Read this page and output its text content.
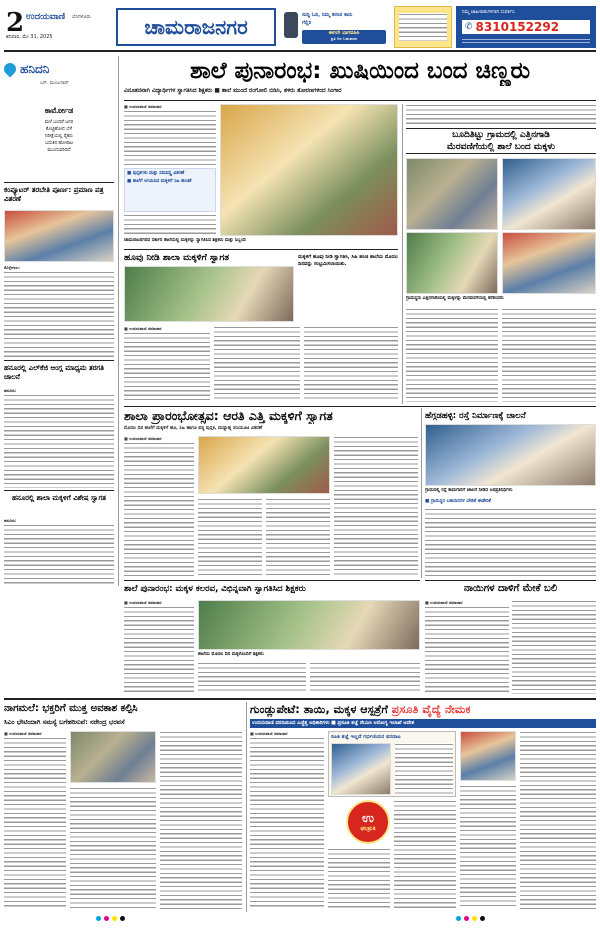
2 ಉದಯವಾಣಿ ಬೆಂಗಳೂರು
ಶನಿವಾರ, ಮೇ 31, 2025	ಚಾಮರಾಜನಗರ	ಸುದ್ದಿ ಓದಿ, ನಿಮ್ಮ ಕನಸಿನ ಕಾರು
ಗೆಲ್ಲಿರಿ
ಈಗಲೇ ಭಾಗವಹಿಸಿ
ಪ್ರತಿ ದಿನ ಬಹುಮಾನ
ನಿಮ್ಮ ಜಾಹೀರಾತುಗಳಿಗಾಗಿ ಸಂಪರ್ಕಿಸಿ
✆ 8310152292
ಹನಿದನಿ
ಎನ್. ಮಂಜುನಾಥ್
ಕಾರ್ಮೋಡ
ಮಳೆ ಬಂದರೆ ಜನರ
ಕೊಚ್ಚಿಹೋದ ಬೆಳೆ
ನಿರೀಕ್ಷೆಯಲ್ಲಿ ರೈತರು
ಬದುಕಿನ ಹೋರಾಟ
ಮುಂದುವರಿದಿದೆ
ಕಂಪ್ಯೂಟರ್ ತರಬೇತಿ ಪೂರ್ಣ: ಪ್ರಮಾಣ ಪತ್ರ ವಿತರಣೆ
ಕೊಳ್ಳೇಗಾಲ:
ಹನೂರಲ್ಲಿ ಎಲ್‌ಕೆಜಿ ಆಂಗ್ಲ ಮಾಧ್ಯಮ ತರಗತಿ ಚಾಲನೆ
ಹನೂರು:
ಹನೂರಲ್ಲಿ ಶಾಲಾ ಮಕ್ಕಳಿಗೆ ವಿಶೇಷ ಸ್ವಾಗತ
ಹನೂರು:
ಶಾಲೆ ಪುನಾರಂಭ: ಖುಷಿಯಿಂದ ಬಂದ ಚಿಣ್ಣರು
ವಿನೂತನವಾಗಿ ವಿದ್ಯಾರ್ಥಿಗಳ ಸ್ವಾಗತಿಸಿದ ಶಿಕ್ಷಕರು ■ ಶಾಲೆ ಮುಂದೆ ರಂಗೋಲಿ ಬಿಡಿಸಿ, ತಳಿರು ತೋರಣಗಳಿಂದ ಸಿಂಗಾರ
■ ಉದಯವಾಣಿ ಸಮಾಚಾರ
■ ಪುಸ್ತಕಗಳು ಮತ್ತು ಸಮವಸ್ತ್ರ ವಿತರಣೆ
■ ಶಾಲೆಗೆ ಆಗಮಿಸಿದ ಮಕ್ಕಳಿಗೆ ಸಿಹಿ ಹಂಚಿಕೆ
ಚಾಮರಾಜನಗರದ ಸರ್ಕಾರಿ ಶಾಲೆಯಲ್ಲಿ ಮಕ್ಕಳನ್ನು ಸ್ವಾಗತಿಸಿದ ಶಿಕ್ಷಕರು ಮತ್ತು ಸಿಬ್ಬಂದಿ
ಹೂವು ನೀಡಿ ಶಾಲಾ ಮಕ್ಕಳಿಗೆ ಸ್ವಾಗತ	ಮಕ್ಕಳಿಗೆ ಹೂವು ನೀಡಿ ಸ್ವಾಗತಿಸಿ, ಸಿಹಿ ಹಂಚಿ ಶಾಲೆಯ ಮೊದಲ ದಿನವನ್ನು ಸಂಭ್ರಮಿಸಲಾಯಿತು.
■ ಉದಯವಾಣಿ ಸಮಾಚಾರ
ಬೂದಿತಿಟ್ಟು ಗ್ರಾಮದಲ್ಲಿ ಎತ್ತಿನಗಾಡಿ
ಮೆರವಣಿಗೆಯಲ್ಲಿ ಶಾಲೆ ಬಂದ ಮಕ್ಕಳು
ಗ್ರಾಮಸ್ಥರು ಎತ್ತಿನಗಾಡಿಯಲ್ಲಿ ಮಕ್ಕಳನ್ನು ಮೆರವಣಿಗೆಯಲ್ಲಿ ಕರೆತಂದರು
ಶಾಲಾ ಪ್ರಾರಂಭೋತ್ಸವ: ಆರತಿ ಎತ್ತಿ ಮಕ್ಕಳಿಗೆ ಸ್ವಾಗತ
ಮೊದಲ ದಿನ ಶಾಲೆಗೆ ಮಕ್ಕಳಿಗೆ ಹೂ, ಸಿಹಿ ಹಾಗೂ ಪಠ್ಯ ಪುಸ್ತಕ, ಮಧ್ಯಾಹ್ನ ಬಿಸಿಯೂಟ ವಿತರಣೆ
■ ಉದಯವಾಣಿ ಸಮಾಚಾರ
ಹೆಗ್ಗಡಹಳ್ಳಿ: ರಸ್ತೆ ನಿರ್ಮಾಣಕ್ಕೆ ಚಾಲನೆ
ಗ್ರಾಮದಲ್ಲಿ ರಸ್ತೆ ಕಾಮಗಾರಿಗೆ ಚಾಲನೆ ನೀಡಿದ ಜನಪ್ರತಿನಿಧಿಗಳು
■ ಗ್ರಾಮಸ್ಥರ ಬಹುದಿನಗಳ ಬೇಡಿಕೆ ಈಡೇರಿಕೆ
ಶಾಲೆ ಪುನಾರಂಭ: ಮಕ್ಕಳ ಕಲರವ, ವಿಭಿನ್ನವಾಗಿ ಸ್ವಾಗತಿಸಿದ ಶಿಕ್ಷಕರು
■ ಉದಯವಾಣಿ ಸಮಾಚಾರ
ಶಾಲೆಯ ಮೊದಲ ದಿನ ಮಕ್ಕಳೊಂದಿಗೆ ಶಿಕ್ಷಕರು
ನಾಯಿಗಳ ದಾಳಿಗೆ ಮೇಕೆ ಬಲಿ
■ ಉದಯವಾಣಿ ಸಮಾಚಾರ
ನಾಗಮಲೆ: ಭಕ್ತರಿಗೆ ಮುಕ್ತ ಅವಕಾಶ ಕಲ್ಪಿಸಿ
ಸಿಎಂ ಭೇಟಿಯಾಗಿ ಸಮಸ್ಯೆ ಬಗೆಹರಿಸುವೆ: ನರೇಂದ್ರ ಭರವಸೆ
■ ಉದಯವಾಣಿ ಸಮಾಚಾರ
ಗುಂಡ್ಲುಪೇಟೆ: ತಾಯಿ, ಮಕ್ಕಳ ಆಸ್ಪತ್ರೆಗೆ ಪ್ರಸೂತಿ ವೈದ್ಯೆ ನೇಮಕ
ಉದಯವಾಣಿ ವರದಿಯಿಂದ ಎಚ್ಚೆತ್ತ ಅಧಿಕಾರಿಗಳು ■ ಪ್ರಸೂತಿ ತಜ್ಞೆ ನೇಮಿಸಿ ಆರೋಗ್ಯ ಇಲಾಖೆ ಆದೇಶ
■ ಉದಯವಾಣಿ ಸಮಾಚಾರ
ಸೂತಿ ತಜ್ಞೆ ಇಲ್ಲದೆ ಗರ್ಭಿಣಿಯರ ಪರದಾಟ
ಉ
ಫಲಶ್ರುತಿ
